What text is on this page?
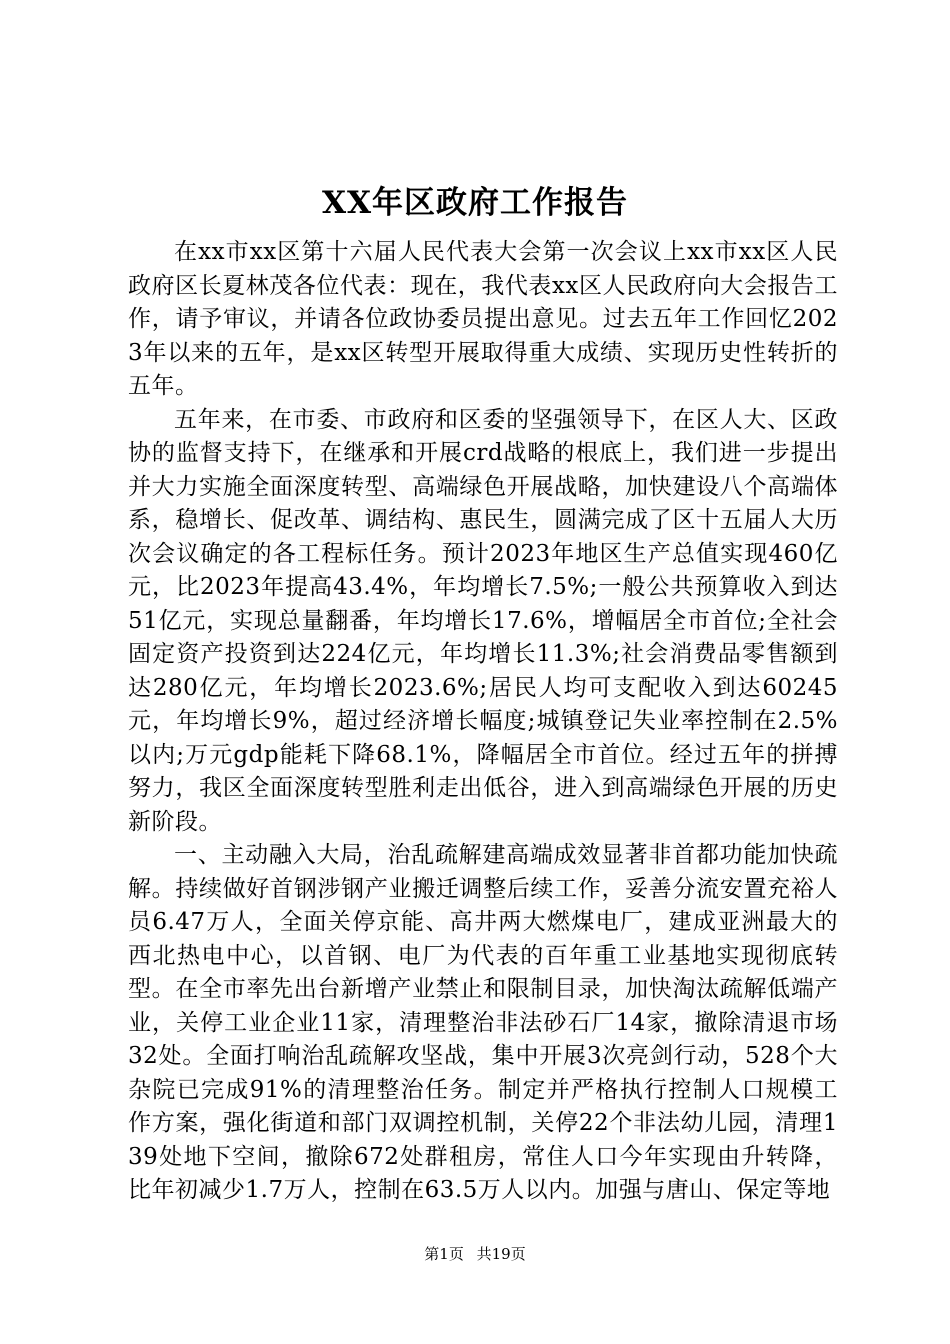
XX年区政府工作报告

在xx市xx区第十六届人民代表大会第一次会议上xx市xx区人民政府区长夏林茂各位代表：现在，我代表xx区人民政府向大会报告工作，请予审议，并请各位政协委员提出意见。过去五年工作回忆2023年以来的五年，是xx区转型开展取得重大成绩、实现历史性转折的五年。

五年来，在市委、市政府和区委的坚强领导下，在区人大、区政协的监督支持下，在继承和开展crd战略的根底上，我们进一步提出并大力实施全面深度转型、高端绿色开展战略，加快建设八个高端体系，稳增长、促改革、调结构、惠民生，圆满完成了区十五届人大历次会议确定的各工程标任务。预计2023年地区生产总值实现460亿元，比2023年提高43.4%，年均增长7.5%;一般公共预算收入到达51亿元，实现总量翻番，年均增长17.6%，增幅居全市首位;全社会固定资产投资到达224亿元，年均增长11.3%;社会消费品零售额到达280亿元，年均增长2023.6%;居民人均可支配收入到达60245元，年均增长9%，超过经济增长幅度;城镇登记失业率控制在2.5%以内;万元gdp能耗下降68.1%，降幅居全市首位。经过五年的拼搏努力，我区全面深度转型胜利走出低谷，进入到高端绿色开展的历史新阶段。

一、主动融入大局，治乱疏解建高端成效显著非首都功能加快疏解。持续做好首钢涉钢产业搬迁调整后续工作，妥善分流安置充裕人员6.47万人，全面关停京能、高井两大燃煤电厂，建成亚洲最大的西北热电中心，以首钢、电厂为代表的百年重工业基地实现彻底转型。在全市率先出台新增产业禁止和限制目录，加快淘汰疏解低端产业，关停工业企业11家，清理整治非法砂石厂14家，撤除清退市场32处。全面打响治乱疏解攻坚战，集中开展3次亮剑行动，528个大杂院已完成91%的清理整治任务。制定并严格执行控制人口规模工作方案，强化街道和部门双调控机制，关停22个非法幼儿园，清理139处地下空间，撤除672处群租房，常住人口今年实现由升转降，比年初减少1.7万人，控制在63.5万人以内。加强与唐山、保定等地

第1页 共19页
